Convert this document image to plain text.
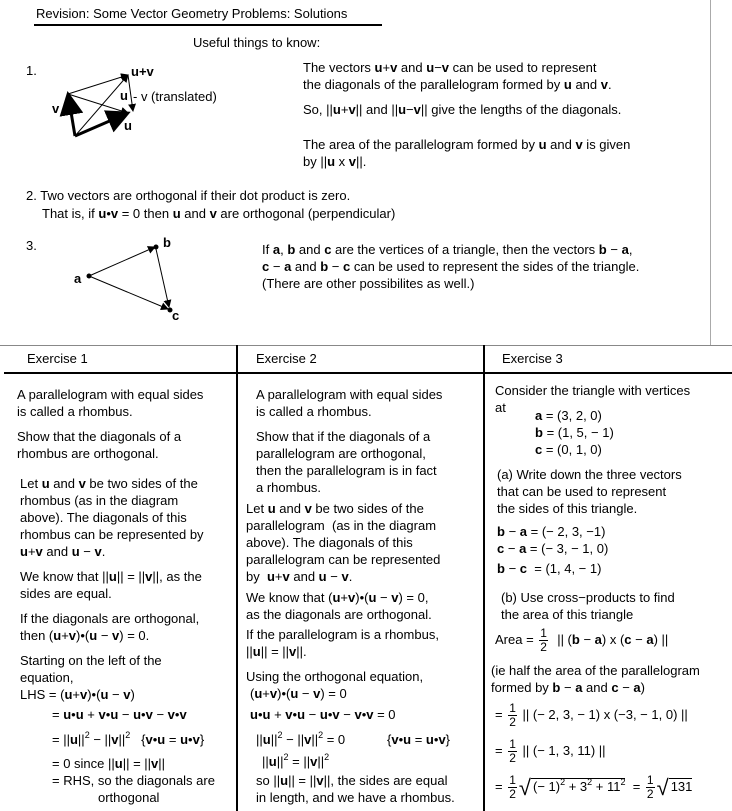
Revision: Some Vector Geometry Problems: Solutions
Useful things to know:
1.	u+v
u - v (translated)
v
u
The vectors u+v and u−v can be used to represent
the diagonals of the parallelogram formed by u and v.
So, ||u+v|| and ||u−v|| give the lengths of the diagonals.
The area of the parallelogram formed by u and v is given
by ||u x v||.
2. Two vectors are orthogonal if their dot product is zero.
That is, if u•v = 0 then u and v are orthogonal (perpendicular)
3.
a
b
c
If a, b and c are the vertices of a triangle, then the vectors b − a,
c − a and b − c can be used to represent the sides of the triangle.
(There are other possibilites as well.)
Exercise 1	Exercise 2	Exercise 3
A parallelogram with equal sides
is called a rhombus.
Show that the diagonals of a
rhombus are orthogonal.
Let u and v be two sides of the
rhombus (as in the diagram
above). The diagonals of this
rhombus can be represented by
u+v and u − v.
We know that ||u|| = ||v||, as the
sides are equal.
If the diagonals are orthogonal,
then (u+v)•(u − v) = 0.
Starting on the left of the
equation,
LHS = (u+v)•(u − v)
= u•u + v•u − u•v − v•v
= $||u||^2 - ||v||^2$   {v•u = u•v}
= 0 since ||u|| = ||v||
= RHS, so the diagonals are
orthogonal
A parallelogram with equal sides
is called a rhombus.
Show that if the diagonals of a
parallelogram are orthogonal,
then the parallelogram is in fact
a rhombus.
Let u and v be two sides of the
parallelogram  (as in the diagram
above). The diagonals of this
parallelogram can be represented
by  u+v and u − v.
We know that (u+v)•(u − v) = 0,
as the diagonals are orthogonal.
If the parallelogram is a rhombus,
||u|| = ||v||.
Using the orthogonal equation,
(u+v)•(u − v) = 0
u•u + v•u − u•v − v•v = 0
$||u||^2 - ||v||^2 = 0$	{v•u = u•v}
$||u||^2 = ||v||^2$
so ||u|| = ||v||, the sides are equal
in length, and we have a rhombus.
Consider the triangle with vertices
at
a = (3, 2, 0)
b = (1, 5, − 1)
c = (0, 1, 0)
(a) Write down the three vectors
that can be used to represent
the sides of this triangle.
b − a = (− 2, 3, −1)
c − a = (− 3, − 1, 0)
b − c  = (1, 4, − 1)
(b) Use cross−products to find
the area of this triangle
Area = $\frac{1}{2}$ || (b − a) x (c − a) ||
(ie half the area of the parallelogram
formed by b − a and c − a)
= $\frac{1}{2}$ || (− 2, 3, − 1) x (−3, − 1, 0) ||
= $\frac{1}{2}$ || (− 1, 3, 11) ||
= $\frac{1}{2}$ √ (− $1)^2 + 3^2 + 11^2 = \frac{1}{2}$ √ 131
